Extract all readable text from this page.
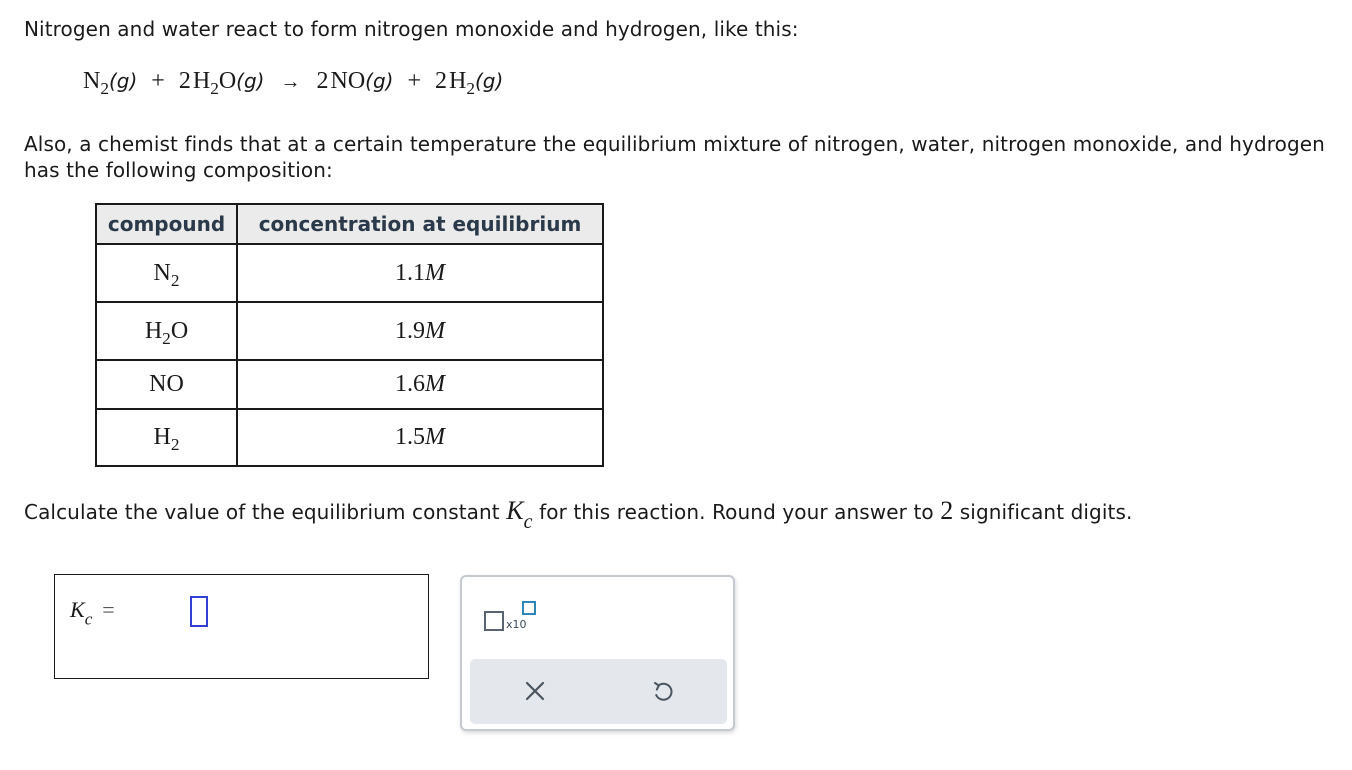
Nitrogen and water react to form nitrogen monoxide and hydrogen, like this:
$N_2(g) + 2H_2O(g) \to 2NO(g) + 2H_2(g)$
Also, a chemist finds that at a certain temperature the equilibrium mixture of nitrogen, water, nitrogen monoxide, and hydrogen has the following composition:
compound	concentration at equilibrium
$N_2$	1.1M
$H_2O$	1.9M
NO	1.6M
$H_2$	1.5M
Calculate the value of the equilibrium constant $K_c$ for this reaction. Round your answer to 2 significant digits.
$K_c$ =
x10
